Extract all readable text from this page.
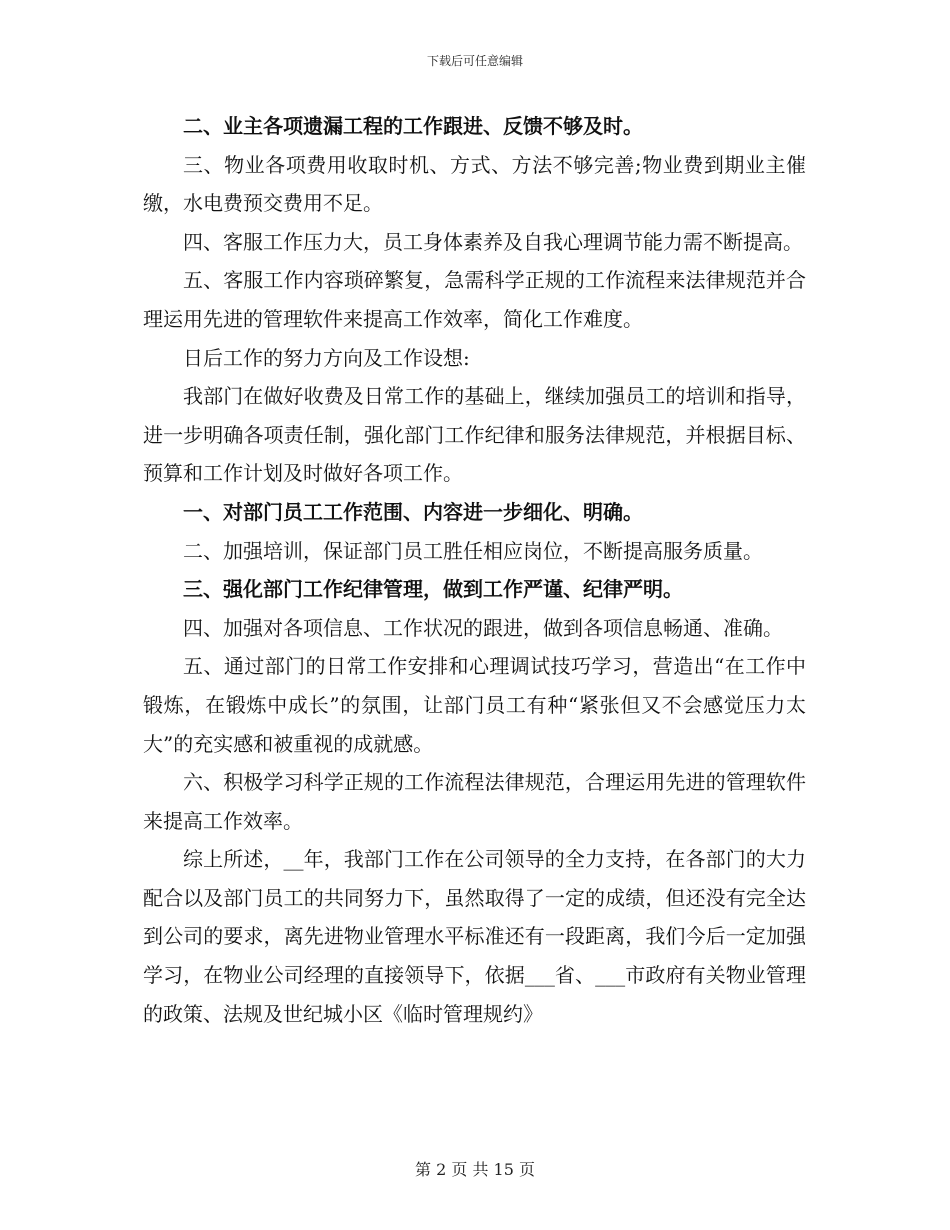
下载后可任意编辑

二、业主各项遗漏工程的工作跟进、反馈不够及时。

三、物业各项费用收取时机、方式、方法不够完善;物业费到期业主催缴，水电费预交费用不足。

四、客服工作压力大，员工身体素养及自我心理调节能力需不断提高。

五、客服工作内容琐碎繁复，急需科学正规的工作流程来法律规范并合理运用先进的管理软件来提高工作效率，简化工作难度。

日后工作的努力方向及工作设想:

我部门在做好收费及日常工作的基础上，继续加强员工的培训和指导，进一步明确各项责任制，强化部门工作纪律和服务法律规范，并根据目标、预算和工作计划及时做好各项工作。

一、对部门员工工作范围、内容进一步细化、明确。

二、加强培训，保证部门员工胜任相应岗位，不断提高服务质量。

三、强化部门工作纪律管理，做到工作严谨、纪律严明。

四、加强对各项信息、工作状况的跟进，做到各项信息畅通、准确。

五、通过部门的日常工作安排和心理调试技巧学习，营造出“在工作中锻炼，在锻炼中成长”的氛围，让部门员工有种“紧张但又不会感觉压力太大”的充实感和被重视的成就感。

六、积极学习科学正规的工作流程法律规范，合理运用先进的管理软件来提高工作效率。

综上所述，__年，我部门工作在公司领导的全力支持，在各部门的大力配合以及部门员工的共同努力下，虽然取得了一定的成绩，但还没有完全达到公司的要求，离先进物业管理水平标准还有一段距离，我们今后一定加强学习，在物业公司经理的直接领导下，依据___省、___市政府有关物业管理的政策、法规及世纪城小区《临时管理规约》

第 2 页 共 15 页
